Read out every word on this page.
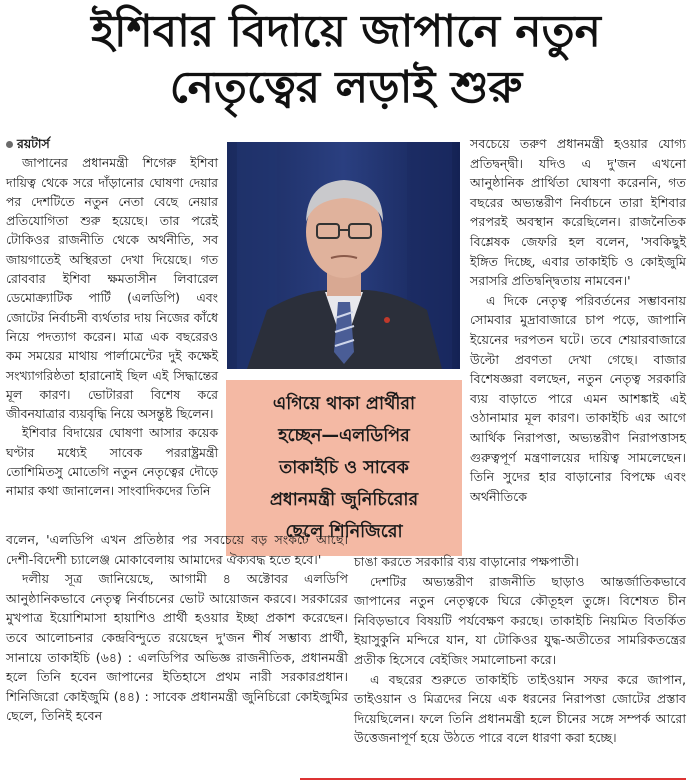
ইশিবার বিদায়ে জাপানে নতুন
নেতৃত্বের লড়াই শুরু

রয়টার্স

জাপানের প্রধানমন্ত্রী শিগেরু ইশিবা দায়িত্ব থেকে সরে দাঁড়ানোর ঘোষণা দেয়ার পর দেশটিতে নতুন নেতা বেছে নেয়ার প্রতিযোগিতা শুরু হয়েছে। তার পরেই টোকিওর রাজনীতি থেকে অর্থনীতি, সব জায়গাতেই অস্থিরতা দেখা দিয়েছে। গত রোববার ইশিবা ক্ষমতাসীন লিবারেল ডেমোক্র্যাটিক পার্টি (এলডিপি) এবং জোটের নির্বাচনী ব্যর্থতার দায় নিজের কাঁধে নিয়ে পদত্যাগ করেন। মাত্র এক বছরেরও কম সময়ের মাথায় পার্লামেন্টের দুই কক্ষেই সংখ্যাগরিষ্ঠতা হারানোই ছিল এই সিদ্ধান্তের মূল কারণ। ভোটাররা বিশেষ করে জীবনযাত্রার ব্যয়বৃদ্ধি নিয়ে অসন্তুষ্ট ছিলেন।

ইশিবার বিদায়ের ঘোষণা আসার কয়েক ঘণ্টার মধ্যেই সাবেক পররাষ্ট্রমন্ত্রী তোশিমিতসু মোতেগি নতুন নেতৃত্বের দৌড়ে নামার কথা জানালেন। সাংবাদিকদের তিনি

এগিয়ে থাকা প্রার্থীরা
হচ্ছেন—এলডিপির
তাকাইচি ও সাবেক
প্রধানমন্ত্রী জুনিচিরোর
ছেলে শিনিজিরো

সবচেয়ে তরুণ প্রধানমন্ত্রী হওয়ার যোগ্য প্রতিদ্বন্দ্বী। যদিও এ দু'জন এখনো আনুষ্ঠানিক প্রার্থিতা ঘোষণা করেননি, গত বছরের অভ্যন্তরীণ নির্বাচনে তারা ইশিবার পরপরই অবস্থান করেছিলেন। রাজনৈতিক বিশ্লেষক জেফরি হল বলেন, 'সবকিছুই ইঙ্গিত দিচ্ছে, এবার তাকাইচি ও কোইজুমি সরাসরি প্রতিদ্বন্দ্বিতায় নামবেন।'

এ দিকে নেতৃত্ব পরিবর্তনের সম্ভাবনায় সোমবার মুদ্রাবাজারে চাপ পড়ে, জাপানি ইয়েনের দরপতন ঘটে। তবে শেয়ারবাজারে উল্টো প্রবণতা দেখা গেছে। বাজার বিশেষজ্ঞরা বলছেন, নতুন নেতৃত্ব সরকারি ব্যয় বাড়াতে পারে এমন আশঙ্কাই এই ওঠানামার মূল কারণ। তাকাইচি এর আগে আর্থিক নিরাপত্তা, অভ্যন্তরীণ নিরাপত্তাসহ গুরুত্বপূর্ণ মন্ত্রণালয়ের দায়িত্ব সামলেছেন। তিনি সুদের হার বাড়ানোর বিপক্ষে এবং অর্থনীতিকে

বলেন, 'এলডিপি এখন প্রতিষ্ঠার পর সবচেয়ে বড় সংকটে আছে। দেশী-বিদেশী চ্যালেঞ্জ মোকাবেলায় আমাদের ঐক্যবদ্ধ হতে হবে।'

দলীয় সূত্র জানিয়েছে, আগামী ৪ অক্টোবর এলডিপি আনুষ্ঠানিকভাবে নেতৃত্ব নির্বাচনের ভোট আয়োজন করবে। সরকারের মুখপাত্র ইয়োশিমাসা হায়াশিও প্রার্থী হওয়ার ইচ্ছা প্রকাশ করেছেন। তবে আলোচনার কেন্দ্রবিন্দুতে রয়েছেন দু'জন শীর্ষ সম্ভাব্য প্রার্থী, সানায়ে তাকাইচি (৬৪) : এলডিপির অভিজ্ঞ রাজনীতিক, প্রধানমন্ত্রী হলে তিনি হবেন জাপানের ইতিহাসে প্রথম নারী সরকারপ্রধান। শিনিজিরো কোইজুমি (৪৪) : সাবেক প্রধানমন্ত্রী জুনিচিরো কোইজুমির ছেলে, তিনিই হবেন

চাঙা করতে সরকারি ব্যয় বাড়ানোর পক্ষপাতী।

দেশটির অভ্যন্তরীণ রাজনীতি ছাড়াও আন্তর্জাতিকভাবে জাপানের নতুন নেতৃত্বকে ঘিরে কৌতূহল তুঙ্গে। বিশেষত চীন নিবিড়ভাবে বিষয়টি পর্যবেক্ষণ করছে। তাকাইচি নিয়মিত বিতর্কিত ইয়াসুকুনি মন্দিরে যান, যা টোকিওর যুদ্ধ-অতীতের সামরিকতন্ত্রের প্রতীক হিসেবে বেইজিং সমালোচনা করে।

এ বছরের শুরুতে তাকাইচি তাইওয়ান সফর করে জাপান, তাইওয়ান ও মিত্রদের নিয়ে এক ধরনের নিরাপত্তা জোটের প্রস্তাব দিয়েছিলেন। ফলে তিনি প্রধানমন্ত্রী হলে চীনের সঙ্গে সম্পর্ক আরো উত্তেজনাপূর্ণ হয়ে উঠতে পারে বলে ধারণা করা হচ্ছে।
